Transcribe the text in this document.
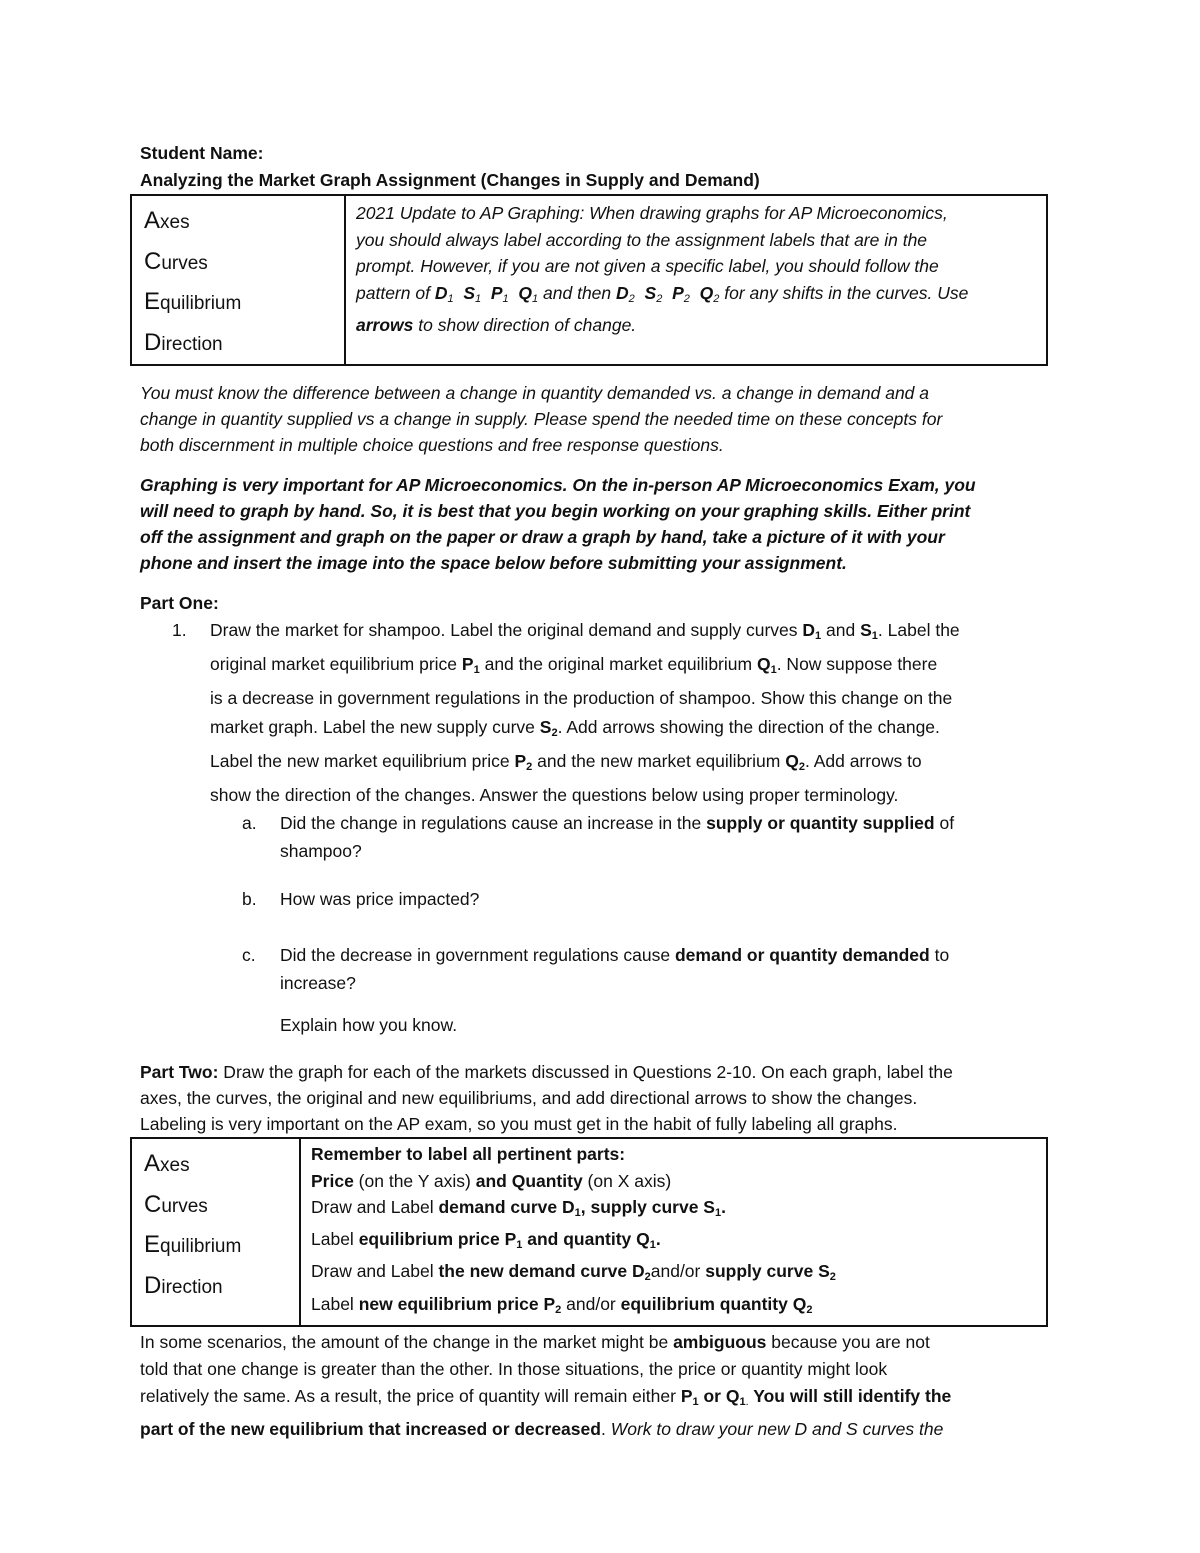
Student Name:
Analyzing the Market Graph Assignment (Changes in Supply and Demand)
Axes
Curves
Equilibrium
Direction

2021 Update to AP Graphing: When drawing graphs for AP Microeconomics,
you should always label according to the assignment labels that are in the
prompt. However, if you are not given a specific label, you should follow the
pattern of $D_1$ $S_1$ $P_1$ $Q_1$ and then $D_2$ $S_2$ $P_2$ $Q_2$ for any shifts in the curves. Use
arrows to show direction of change.
You must know the difference between a change in quantity demanded vs. a change in demand and a
change in quantity supplied vs a change in supply. Please spend the needed time on these concepts for
both discernment in multiple choice questions and free response questions.
Graphing is very important for AP Microeconomics. On the in-person AP Microeconomics Exam, you
will need to graph by hand. So, it is best that you begin working on your graphing skills. Either print
off the assignment and graph on the paper or draw a graph by hand, take a picture of it with your
phone and insert the image into the space below before submitting your assignment.
Part One:
1. Draw the market for shampoo. Label the original demand and supply curves $D_1$ and $S_1$. Label the
original market equilibrium price $P_1$ and the original market equilibrium $Q_1$. Now suppose there
is a decrease in government regulations in the production of shampoo. Show this change on the
market graph. Label the new supply curve $S_2$. Add arrows showing the direction of the change.
Label the new market equilibrium price $P_2$ and the new market equilibrium $Q_2$. Add arrows to
show the direction of the changes. Answer the questions below using proper terminology.
a. Did the change in regulations cause an increase in the supply or quantity supplied of
shampoo?
b. How was price impacted?
c. Did the decrease in government regulations cause demand or quantity demanded to
increase?
Explain how you know.
Part Two: Draw the graph for each of the markets discussed in Questions 2-10. On each graph, label the
axes, the curves, the original and new equilibriums, and add directional arrows to show the changes.
Labeling is very important on the AP exam, so you must get in the habit of fully labeling all graphs.
Axes
Curves
Equilibrium
Direction

Remember to label all pertinent parts:
Price (on the Y axis) and Quantity (on X axis)
Draw and Label demand curve $D_1$, supply curve $S_1$.
Label equilibrium price $P_1$ and quantity $Q_1$.
Draw and Label the new demand curve $D_2and/or$ supply curve $S_2$
Label new equilibrium price $P_2$ and/or equilibrium quantity $Q_2$
In some scenarios, the amount of the change in the market might be ambiguous because you are not
told that one change is greater than the other. In those situations, the price or quantity might look
relatively the same. As a result, the price of quantity will remain either $P_1$ or $Q_{1.}$ You will still identify the
part of the new equilibrium that increased or decreased. Work to draw your new D and S curves the
